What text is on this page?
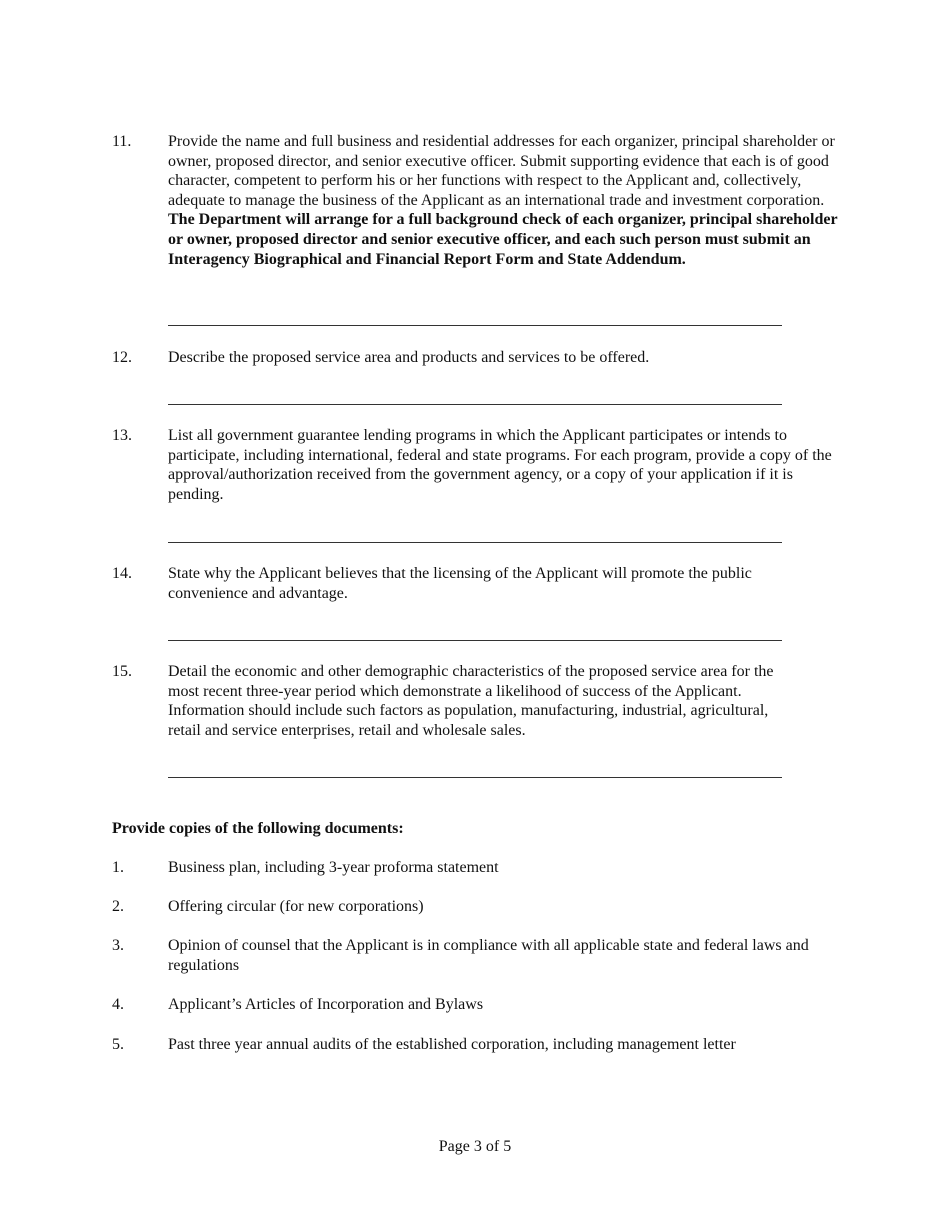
11.	Provide the name and full business and residential addresses for each organizer, principal shareholder or owner, proposed director, and senior executive officer. Submit supporting evidence that each is of good character, competent to perform his or her functions with respect to the Applicant and, collectively, adequate to manage the business of the Applicant as an international trade and investment corporation. The Department will arrange for a full background check of each organizer, principal shareholder or owner, proposed director and senior executive officer, and each such person must submit an Interagency Biographical and Financial Report Form and State Addendum.
12.	Describe the proposed service area and products and services to be offered.
13.	List all government guarantee lending programs in which the Applicant participates or intends to participate, including international, federal and state programs. For each program, provide a copy of the approval/authorization received from the government agency, or a copy of your application if it is pending.
14.	State why the Applicant believes that the licensing of the Applicant will promote the public convenience and advantage.
15.	Detail the economic and other demographic characteristics of the proposed service area for the most recent three-year period which demonstrate a likelihood of success of the Applicant. Information should include such factors as population, manufacturing, industrial, agricultural, retail and service enterprises, retail and wholesale sales.
Provide copies of the following documents:
1.	Business plan, including 3-year proforma statement
2.	Offering circular (for new corporations)
3.	Opinion of counsel that the Applicant is in compliance with all applicable state and federal laws and regulations
4.	Applicant’s Articles of Incorporation and Bylaws
5.	Past three year annual audits of the established corporation, including management letter
Page 3 of 5
